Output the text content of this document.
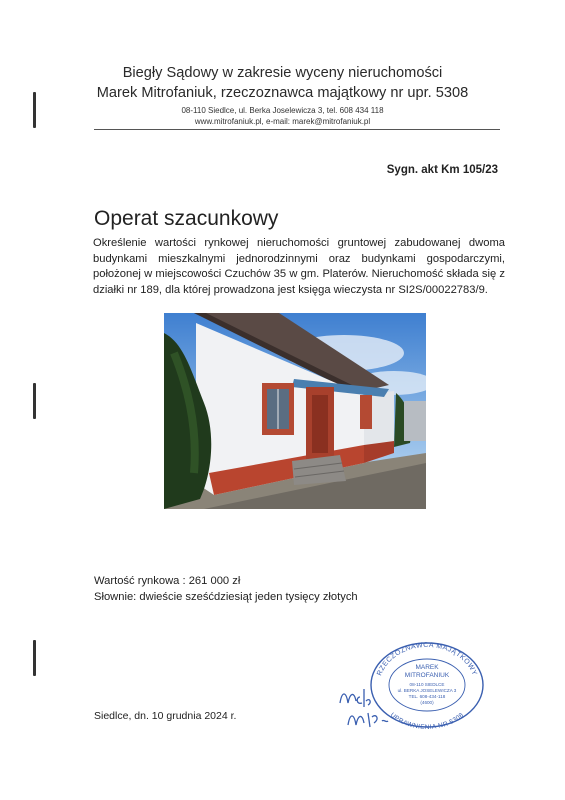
Biegły Sądowy w zakresie wyceny nieruchomości
Marek Mitrofaniuk, rzeczoznawca majątkowy nr upr. 5308
08-110 Siedlce, ul. Berka Joselewicza 3, tel. 608 434 118
www.mitrofaniuk.pl, e-mail: marek@mitrofaniuk.pl
Sygn. akt Km 105/23
Operat szacunkowy
Określenie wartości rynkowej nieruchomości gruntowej zabudowanej dwoma budynkami mieszkalnymi jednorodzinnymi oraz budynkami gospodarczymi, położonej w miejscowości Czuchów 35 w gm. Platerów. Nieruchomość składa się z działki nr 189, dla której prowadzona jest księga wieczysta nr SI2S/00022783/9.
Wartość rynkowa : 261 000 zł
Słownie: dwieście sześćdziesiąt jeden tysięcy złotych
Siedlce, dn. 10 grudnia 2024 r.
RZECZOZNAWCA MAJĄTKOWY
UPRAWNIENIA NR 5308
MAREK
MITROFANIUK
08-110 SIEDLCE
ul. BERKA JOSELEWICZA 3
TEL. 608-434-118
(4600)
